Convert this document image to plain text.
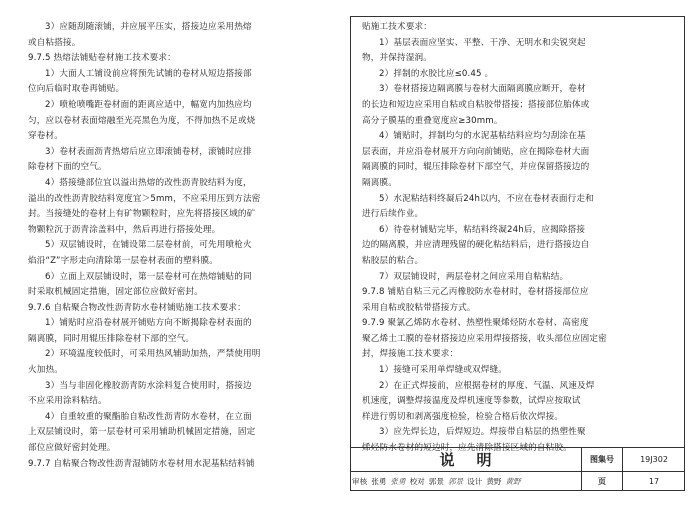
3）应随刮随滚铺，并应展平压实，搭接边应采用热熔

或自粘搭接。

9.7.5 热熔法铺贴卷材施工技术要求：

1）大面人工铺设前应将预先试铺的卷材从短边搭接部

位向后临时取卷再铺贴。

2）喷枪喷嘴距卷材面的距离应适中，幅宽内加热应均

匀，应以卷材表面熔融至光亮黑色为度，不得加热不足或烧

穿卷材。

3）卷材表面沥青热熔后应立即滚铺卷材，滚铺时应排

除卷材下面的空气。

4）搭接缝部位宜以溢出热熔的改性沥青胶结料为度，

溢出的改性沥青胶结料宽度宜＞5mm，不应采用压到方法密

封。当接缝处的卷材上有矿物颗粒时，应先将搭接区域的矿

物颗粒沉于沥青涂盖料中，然后再进行搭接处理。

5）双层铺设时，在铺设第二层卷材前，可先用喷枪火

焰沿“Z”字形走向清除第一层卷材表面的塑料膜。

6）立面上双层铺设时，第一层卷材可在热熔铺贴的同

时采取机械固定措施，固定部位应做好密封。

9.7.6 自粘聚合物改性沥青防水卷材铺贴施工技术要求：

1）铺贴时应沿卷材展开铺贴方向不断揭除卷材表面的

隔离膜，同时用辊压排除卷材下部的空气。

2）环境温度较低时，可采用热风辅助加热，严禁使用明

火加热。

3）当与非固化橡胶沥青防水涂料复合使用时，搭接边

不应采用涂料粘结。

4）自重较重的聚酯胎自粘改性沥青防水卷材，在立面

上双层铺设时，第一层卷材可采用辅助机械固定措施，固定

部位应做好密封处理。

9.7.7 自粘聚合物改性沥青湿铺防水卷材用水泥基粘结料铺

贴施工技术要求：

1）基层表面应坚实、平整、干净、无明水和尖锐突起

物，并保持湿润。

2）拌制的水胶比应≤0.45 。

3）卷材搭接边隔离膜与卷材大面隔离膜应断开，卷材

的长边和短边应采用自粘或自粘胶带搭接；搭接部位胎体或

高分子膜基的重叠宽度应≥30mm。

4）铺贴时，拌制均匀的水泥基粘结料应均匀刮涂在基

层表面，并应沿卷材展开方向向前铺贴，应在揭除卷材大面

隔离膜的同时，辊压排除卷材下部空气，并应保留搭接边的

隔离膜。

5）水泥粘结料终凝后24h以内，不应在卷材表面行走和

进行后续作业。

6）待卷材铺贴完毕，粘结料终凝24h后，应揭除搭接

边的隔离膜，并应清理残留的硬化粘结料后，进行搭接边自

粘胶层的粘合。

7）双层铺设时，两层卷材之间应采用自粘粘结。

9.7.8 铺贴自粘三元乙丙橡胶防水卷材时，卷材搭接部位应

采用自粘或胶粘带搭接方式。

9.7.9 聚氯乙烯防水卷材、热塑性聚烯烃防水卷材、高密度

聚乙烯土工膜的卷材搭接边应采用焊接搭接，收头部位应固定密

封，焊接施工技术要求：

1）接缝可采用单焊缝或双焊缝。

2）在正式焊接前，应根据卷材的厚度、气温、风速及焊

机速度，调整焊接温度及焊机速度等参数，试焊应按取试

样进行剪切和剥离强度检验，检验合格后依次焊接。

3）应先焊长边，后焊短边。焊接带自粘层的热塑性聚

烯烃防水卷材的短边时，应先清除搭接区域的自粘胶。

说明	图集号	19J302
审核 张勇 张勇 校对 郭景 郭景 设计 黄野 黄野	页	17
